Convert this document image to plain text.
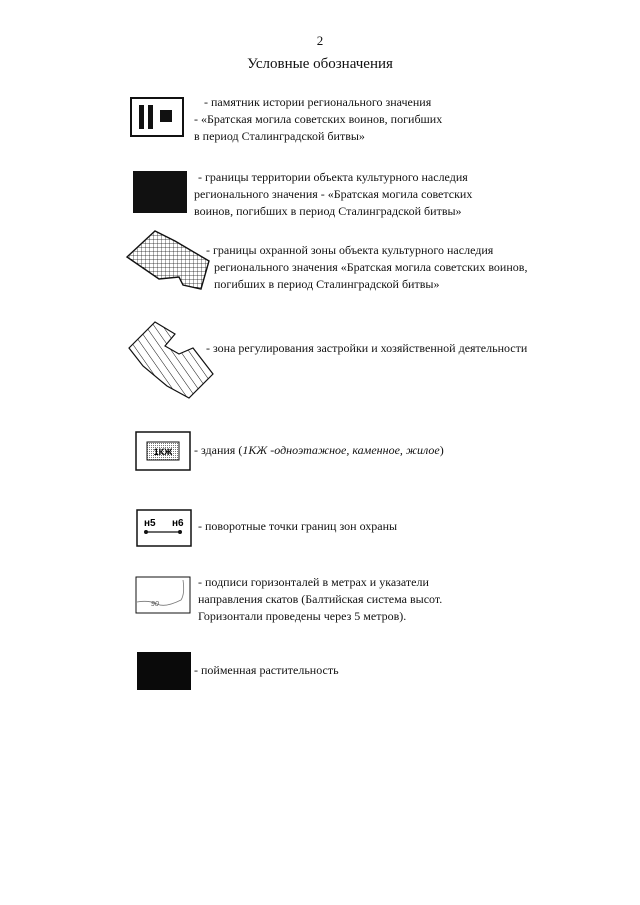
2
Условные обозначения
- памятник истории регионального значения
- «Братская могила советских воинов, погибших
в период Сталинградской битвы»
- границы территории объекта культурного наследия
регионального значения - «Братская могила советских
воинов, погибших в период Сталинградской битвы»
- границы охранной зоны объекта культурного наследия
регионального значения «Братская могила советских воинов,
погибших в период Сталинградской битвы»
- зона регулирования застройки и хозяйственной деятельности
1КЖ - здания (1КЖ -одноэтажное, каменное, жилое)
н5 н6 - поворотные точки границ зон охраны
90
- подписи горизонталей в метрах и указатели
направления скатов (Балтийская система высот.
Горизонтали проведены через 5 метров).
- пойменная растительность
